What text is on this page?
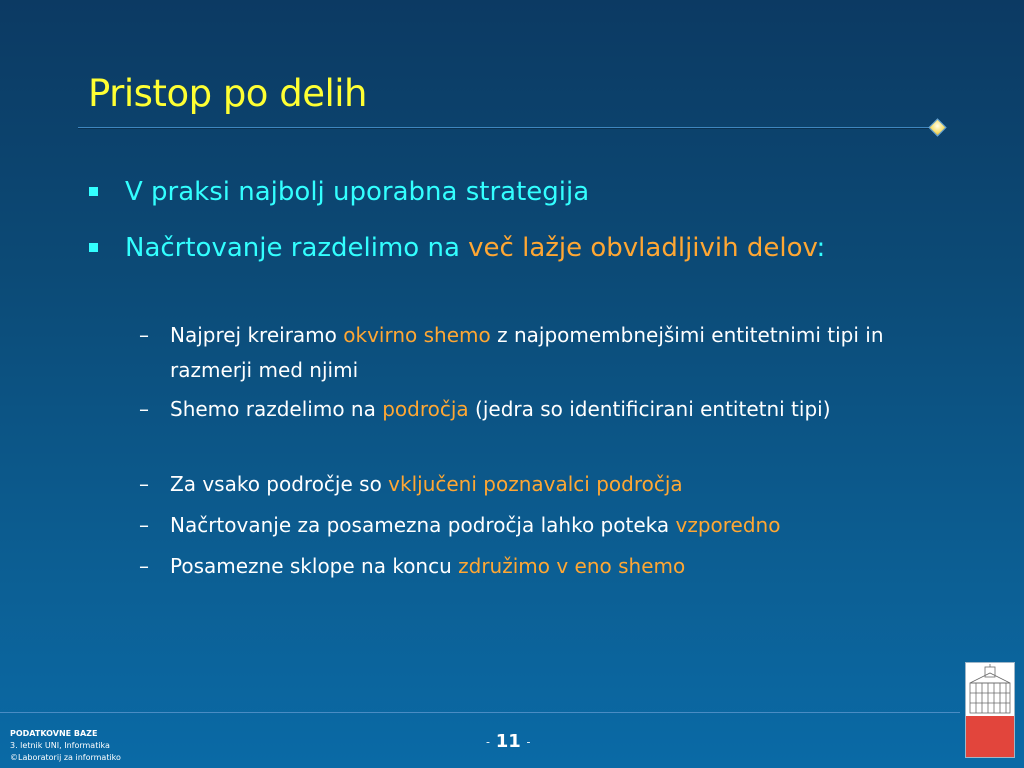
Pristop po delih
V praksi najbolj uporabna strategija
Načrtovanje razdelimo na več lažje obvladljivih delov:
– Najprej kreiramo okvirno shemo z najpomembnejšimi entitetnimi tipi in razmerji med njimi
– Shemo razdelimo na področja (jedra so identificirani entitetni tipi)
– Za vsako področje so vključeni poznavalci področja
– Načrtovanje za posamezna področja lahko poteka vzporedno
– Posamezne sklope na koncu združimo v eno shemo
PODATKOVNE BAZE
3. letnik UNI, Informatika
©Laboratorij za informatiko
- 11 -
